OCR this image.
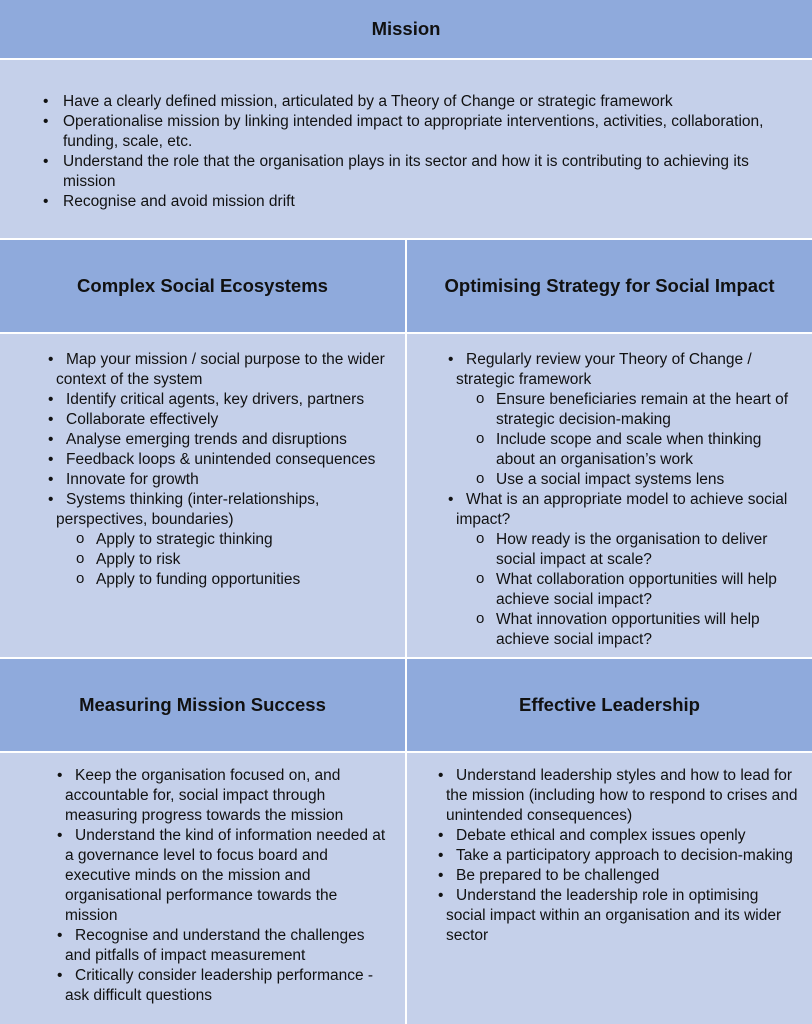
Mission
• Have a clearly defined mission, articulated by a Theory of Change or strategic framework
• Operationalise mission by linking intended impact to appropriate interventions, activities, collaboration, funding, scale, etc.
• Understand the role that the organisation plays in its sector and how it is contributing to achieving its mission
• Recognise and avoid mission drift
Complex Social Ecosystems
• Map your mission / social purpose to the wider context of the system
• Identify critical agents, key drivers, partners
• Collaborate effectively
• Analyse emerging trends and disruptions
• Feedback loops & unintended consequences
• Innovate for growth
• Systems thinking (inter-relationships, perspectives, boundaries)
o Apply to strategic thinking
o Apply to risk
o Apply to funding opportunities
Optimising Strategy for Social Impact
• Regularly review your Theory of Change / strategic framework
o Ensure beneficiaries remain at the heart of strategic decision-making
o Include scope and scale when thinking about an organisation’s work
o Use a social impact systems lens
• What is an appropriate model to achieve social impact?
o How ready is the organisation to deliver social impact at scale?
o What collaboration opportunities will help achieve social impact?
o What innovation opportunities will help achieve social impact?
Measuring Mission Success
• Keep the organisation focused on, and accountable for, social impact through measuring progress towards the mission
• Understand the kind of information needed at a governance level to focus board and executive minds on the mission and organisational performance towards the mission
• Recognise and understand the challenges and pitfalls of impact measurement
• Critically consider leadership performance - ask difficult questions
Effective Leadership
• Understand leadership styles and how to lead for the mission (including how to respond to crises and unintended consequences)
• Debate ethical and complex issues openly
• Take a participatory approach to decision-making
• Be prepared to be challenged
• Understand the leadership role in optimising social impact within an organisation and its wider sector
